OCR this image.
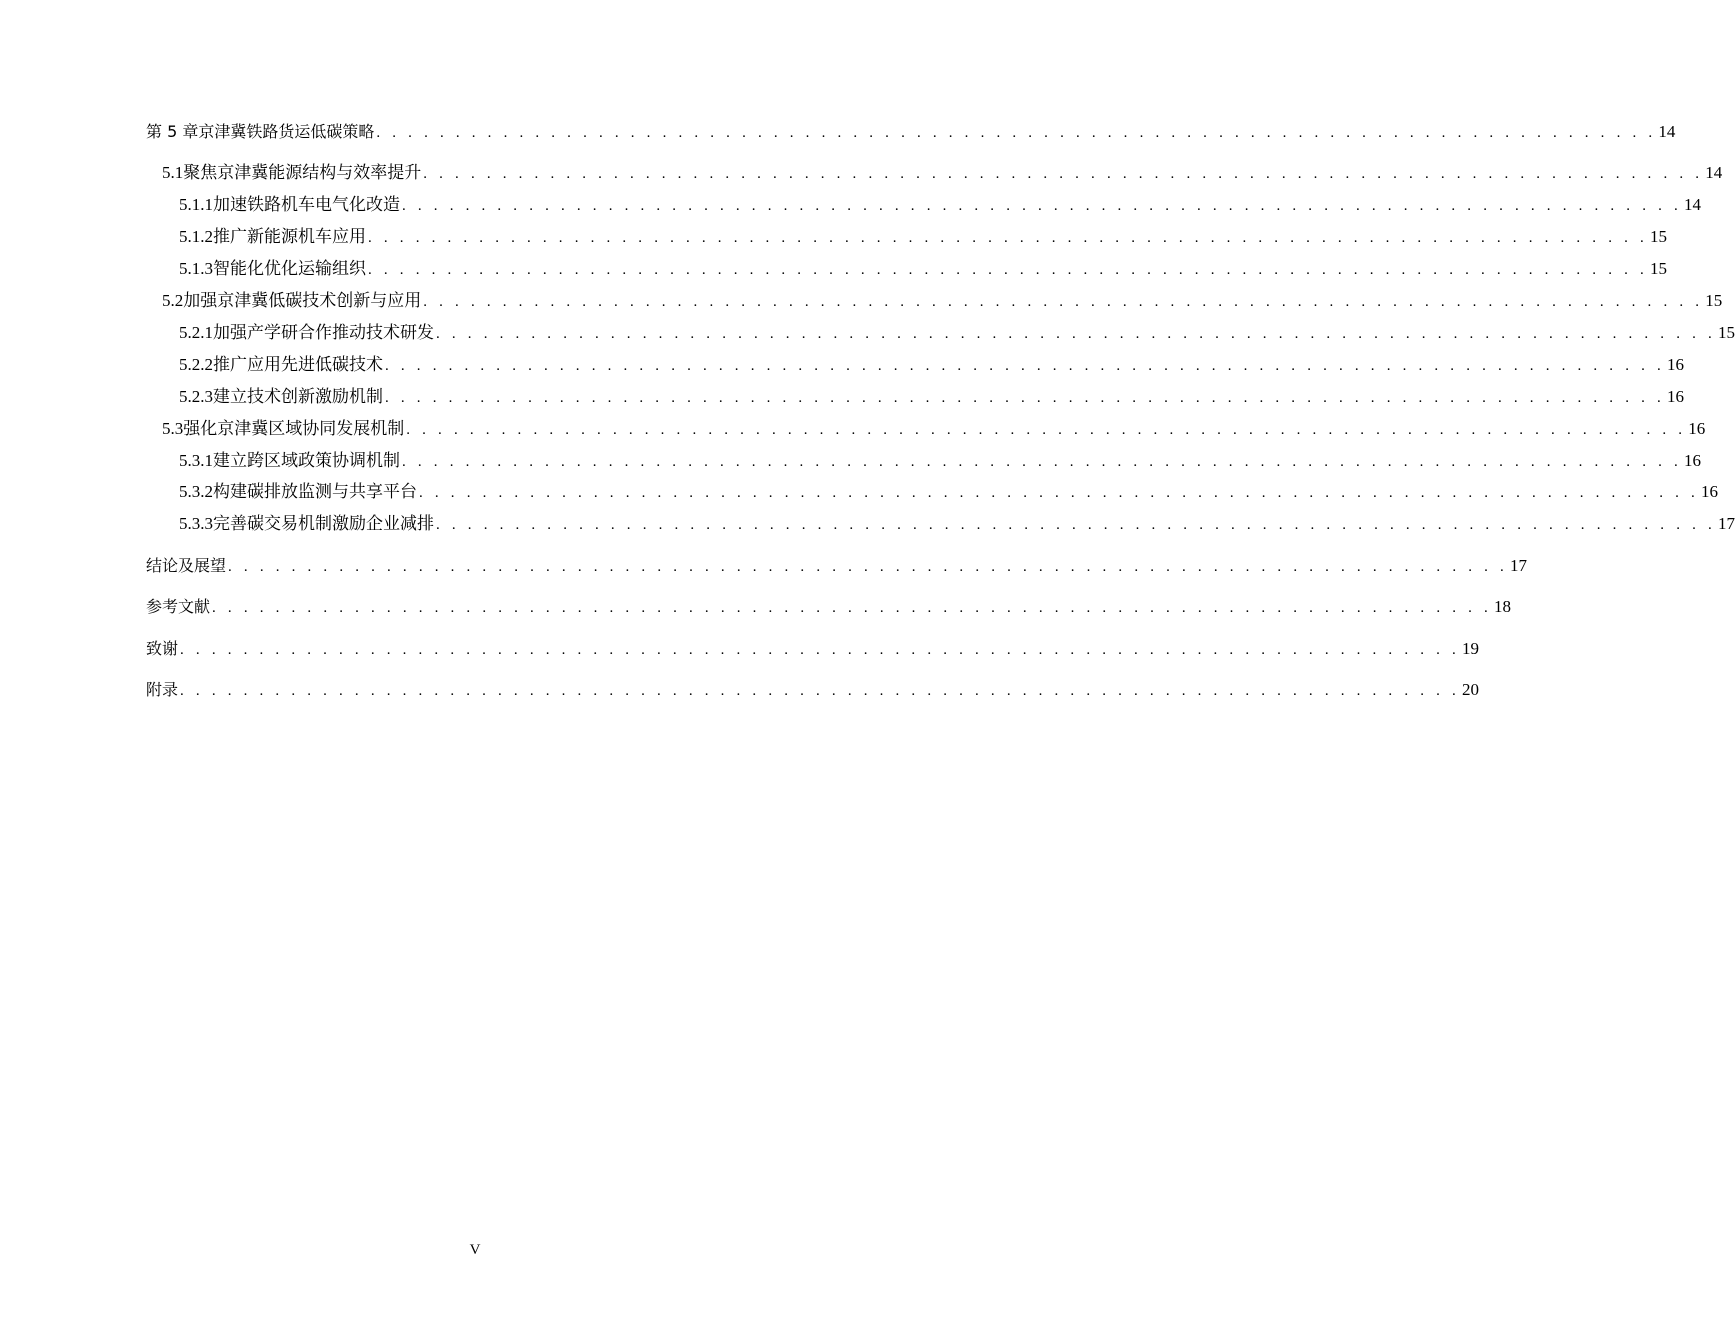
第 5 章 京津冀铁路货运低碳策略 . . . . . . . . . . . . . . . . . . . . . . . . . . . . . . . . . . . . . . . . . . . . . . . . . . . . . . . . . . . . . . . . . . . . . . . . . . . . . . . . . 14
5.1 聚焦京津冀能源结构与效率提升 . . . . . . . . . . . . . . . . . . . . . . . . . . . . . . . . . . . . . . . . . . . . . . . . . . . . . . . . . . . . . . . . . . . . . . . . . . . . . . . . . 14
5.1.1 加速铁路机车电气化改造 . . . . . . . . . . . . . . . . . . . . . . . . . . . . . . . . . . . . . . . . . . . . . . . . . . . . . . . . . . . . . . . . . . . . . . . . . . . . . . . . . 14
5.1.2 推广新能源机车应用 . . . . . . . . . . . . . . . . . . . . . . . . . . . . . . . . . . . . . . . . . . . . . . . . . . . . . . . . . . . . . . . . . . . . . . . . . . . . . . . . . 15
5.1.3 智能化优化运输组织 . . . . . . . . . . . . . . . . . . . . . . . . . . . . . . . . . . . . . . . . . . . . . . . . . . . . . . . . . . . . . . . . . . . . . . . . . . . . . . . . . 15
5.2 加强京津冀低碳技术创新与应用 . . . . . . . . . . . . . . . . . . . . . . . . . . . . . . . . . . . . . . . . . . . . . . . . . . . . . . . . . . . . . . . . . . . . . . . . . . . . . . . . . 15
5.2.1 加强产学研合作推动技术研发 . . . . . . . . . . . . . . . . . . . . . . . . . . . . . . . . . . . . . . . . . . . . . . . . . . . . . . . . . . . . . . . . . . . . . . . . . . . . . . . . . 15
5.2.2 推广应用先进低碳技术 . . . . . . . . . . . . . . . . . . . . . . . . . . . . . . . . . . . . . . . . . . . . . . . . . . . . . . . . . . . . . . . . . . . . . . . . . . . . . . . . . 16
5.2.3 建立技术创新激励机制 . . . . . . . . . . . . . . . . . . . . . . . . . . . . . . . . . . . . . . . . . . . . . . . . . . . . . . . . . . . . . . . . . . . . . . . . . . . . . . . . . 16
5.3 强化京津冀区域协同发展机制 . . . . . . . . . . . . . . . . . . . . . . . . . . . . . . . . . . . . . . . . . . . . . . . . . . . . . . . . . . . . . . . . . . . . . . . . . . . . . . . . . 16
5.3.1 建立跨区域政策协调机制 . . . . . . . . . . . . . . . . . . . . . . . . . . . . . . . . . . . . . . . . . . . . . . . . . . . . . . . . . . . . . . . . . . . . . . . . . . . . . . . . . 16
5.3.2 构建碳排放监测与共享平台 . . . . . . . . . . . . . . . . . . . . . . . . . . . . . . . . . . . . . . . . . . . . . . . . . . . . . . . . . . . . . . . . . . . . . . . . . . . . . . . . . 16
5.3.3 完善碳交易机制激励企业减排 . . . . . . . . . . . . . . . . . . . . . . . . . . . . . . . . . . . . . . . . . . . . . . . . . . . . . . . . . . . . . . . . . . . . . . . . . . . . . . . . . 17
结论及展望 . . . . . . . . . . . . . . . . . . . . . . . . . . . . . . . . . . . . . . . . . . . . . . . . . . . . . . . . . . . . . . . . . . . . . . . . . . . . . . . . . 17
参考文献 . . . . . . . . . . . . . . . . . . . . . . . . . . . . . . . . . . . . . . . . . . . . . . . . . . . . . . . . . . . . . . . . . . . . . . . . . . . . . . . . . 18
致谢 . . . . . . . . . . . . . . . . . . . . . . . . . . . . . . . . . . . . . . . . . . . . . . . . . . . . . . . . . . . . . . . . . . . . . . . . . . . . . . . . . 19
附录 . . . . . . . . . . . . . . . . . . . . . . . . . . . . . . . . . . . . . . . . . . . . . . . . . . . . . . . . . . . . . . . . . . . . . . . . . . . . . . . . . 20
V
